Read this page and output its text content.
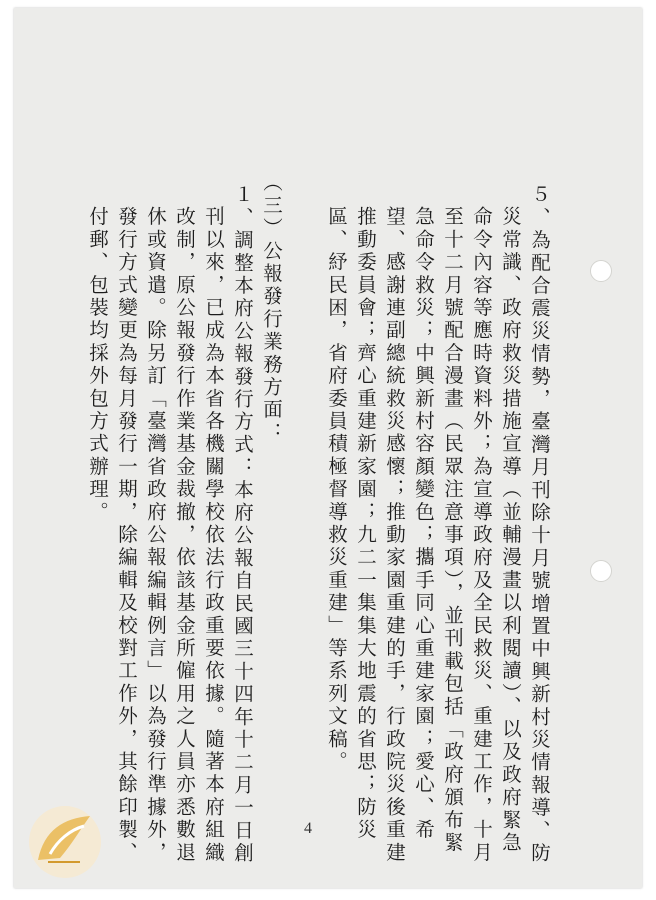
５、為配合震災情勢，臺灣月刊除十月號增置中興新村災情報導、防
災常識、政府救災措施宣導（並輔漫畫以利閱讀）、以及政府緊急
命令內容等應時資料外；為宣導政府及全民救災、重建工作，十月
至十二月號配合漫畫（民眾注意事項），並刊載包括「政府頒布緊
急命令救災；中興新村容顏變色；攜手同心重建家園；愛心、希
望、感謝連副總統救災感懷；推動家園重建的手，行政院災後重建
推動委員會；齊心重建新家園；九二一集集大地震的省思；防災
區、紓民困，省府委員積極督導救災重建」等系列文稿。
（三）公報發行業務方面：
１、調整本府公報發行方式：本府公報自民國三十四年十二月一日創
刊以來，已成為本省各機關學校依法行政重要依據。隨著本府組織
改制，原公報發行作業基金裁撤，依該基金所僱用之人員亦悉數退
休或資遣。除另訂「臺灣省政府公報編輯例言」以為發行準據外，
發行方式變更為每月發行一期，除編輯及校對工作外，其餘印製、
付郵、包裝均採外包方式辦理。
4
